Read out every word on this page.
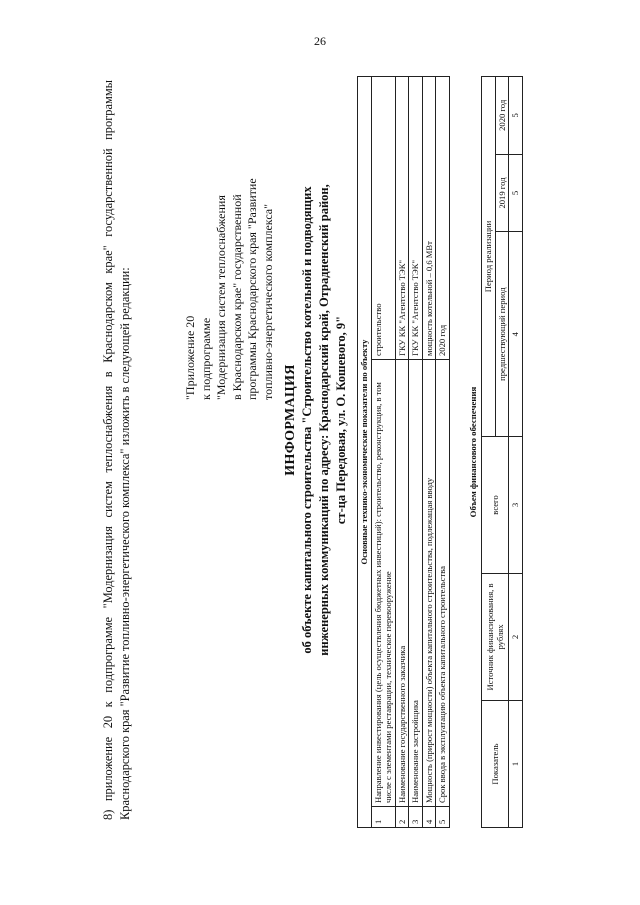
26
8) приложение 20 к подпрограмме "Модернизация систем теплоснабжения в Краснодарском крае" государственной программы Краснодарского края "Развитие топливно-энергетического комплекса" изложить в следующей редакции:	"Приложение 20 к подпрограмме "Модернизация систем теплоснабжения в Краснодарском крае" государственной программы Краснодарского края "Развитие топливно-энергетического комплекса"
ИНФОРМАЦИЯ об объекте капитального строительства "Строительство котельной и подводящих инженерных коммуникаций по адресу: Краснодарский край, Отрадненский район, ст-ца Передовая, ул. О. Кошевого, 9" Основные технико-экономические показатели по объекту		
1	Направление инвестирования (цель осуществления бюджетных инвестиций): строительство, реконструкция, в том числе с элементами реставрации, техническое перевооружение	строительство
2	Наименование государственного заказчика	ГКУ КК "Агентство ТЭК"
3	Наименование застройщика	ГКУ КК "Агентство ТЭК"
4	Мощность (прирост мощности) объекта капитального строительства, подлежащая вводу	мощность котельной – 0,6 МВт
5	Срок ввода в эксплуатацию объекта капитального строительства	2020 год
Объем финансового обеспечения
Показатель	Источник финансирования, в рублях	всего	Период реализации		
			предшествующий период	2019 год	2020 год
1	2	3	4	5	5
